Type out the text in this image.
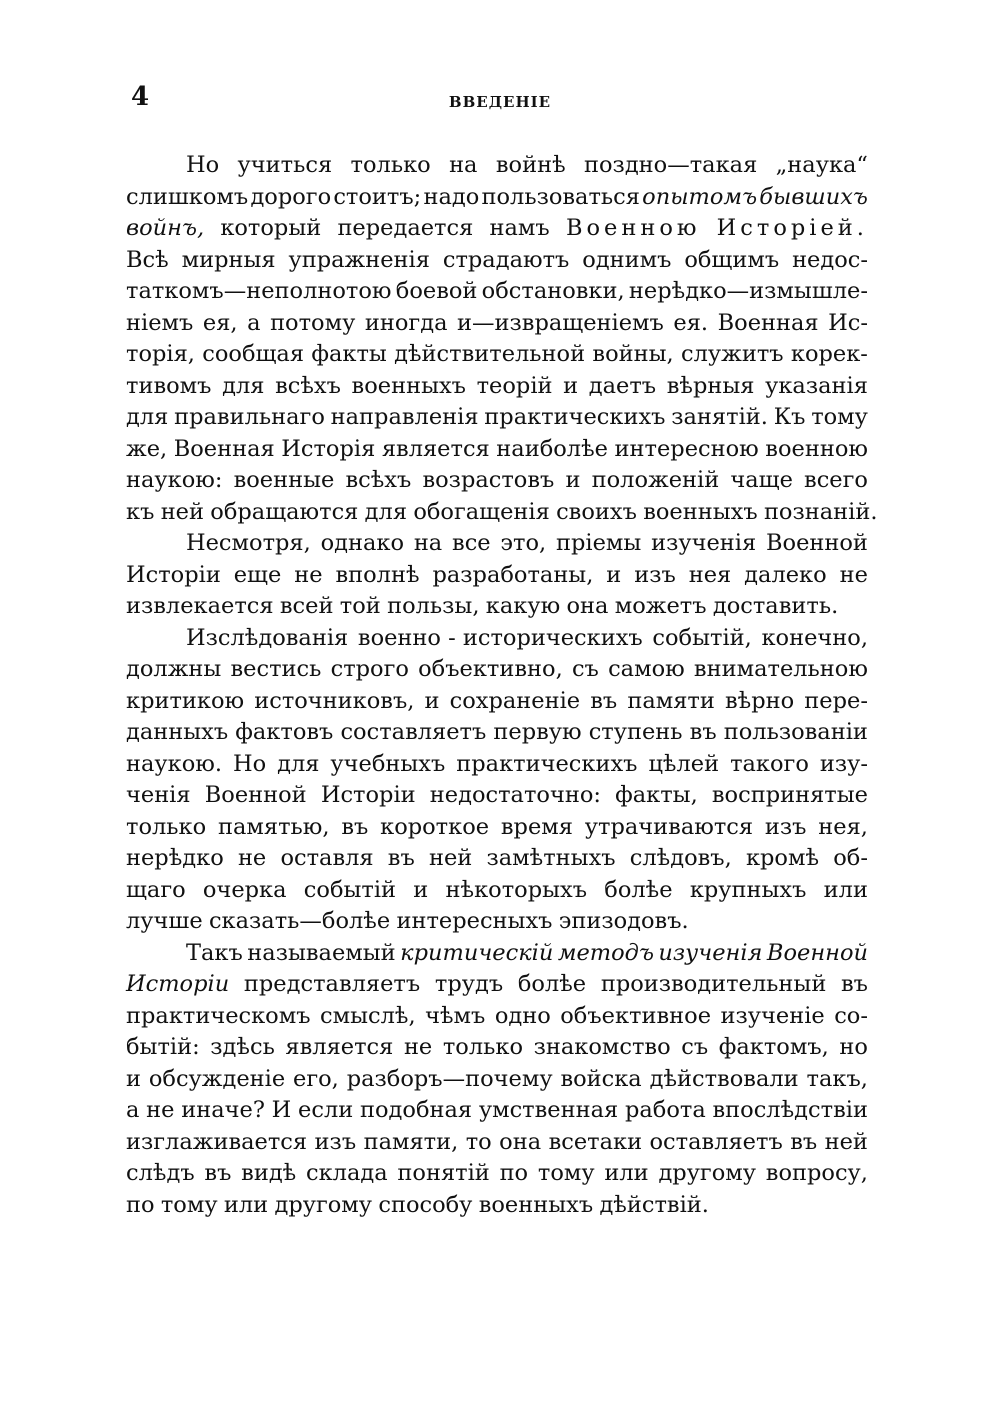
4	ВВЕДЕНІЕ
Но учиться только на войнѣ поздно—такая „наука“
слишкомъ дорого стоитъ; надо пользоваться опытомъ бывшихъ
войнъ, который передается намъ Военною Исторіей.
Всѣ мирныя упражненія страдаютъ однимъ общимъ недос-
таткомъ—неполнотою боевой обстановки, нерѣдко—измышле-
ніемъ ея, а потому иногда и—извращеніемъ ея. Военная Ис-
торія, сообщая факты дѣйствительной войны, служитъ корек-
тивомъ для всѣхъ военныхъ теорій и даетъ вѣрныя указанія
для правильнаго направленія практическихъ занятій. Къ тому
же, Военная Исторія является наиболѣе интересною военною
наукою: военные всѣхъ возрастовъ и положеній чаще всего
къ ней обращаются для обогащенія своихъ военныхъ познаній.
Несмотря, однако на все это, пріемы изученія Военной
Исторіи еще не вполнѣ разработаны, и изъ нея далеко не
извлекается всей той пользы, какую она можетъ доставить.
Изслѣдованія военно - историческихъ событій, конечно,
должны вестись строго объективно, съ самою внимательною
критикою источниковъ, и сохраненіе въ памяти вѣрно пере-
данныхъ фактовъ составляетъ первую ступень въ пользованіи
наукою. Но для учебныхъ практическихъ цѣлей такого изу-
ченія Военной Исторіи недостаточно: факты, воспринятые
только памятью, въ короткое время утрачиваются изъ нея,
нерѣдко не оставля въ ней замѣтныхъ слѣдовъ, кромѣ об-
щаго очерка событій и нѣкоторыхъ болѣе крупныхъ или
лучше сказать—болѣе интересныхъ эпизодовъ.
Такъ называемый критическій методъ изученія Военной
Исторіи представляетъ трудъ болѣе производительный въ
практическомъ смыслѣ, чѣмъ одно объективное изученіе со-
бытій: здѣсь является не только знакомство съ фактомъ, но
и обсужденіе его, разборъ—почему войска дѣйствовали такъ,
а не иначе? И если подобная умственная работа впослѣдствіи
изглаживается изъ памяти, то она всетаки оставляетъ въ ней
слѣдъ въ видѣ склада понятій по тому или другому вопросу,
по тому или другому способу военныхъ дѣйствій.
